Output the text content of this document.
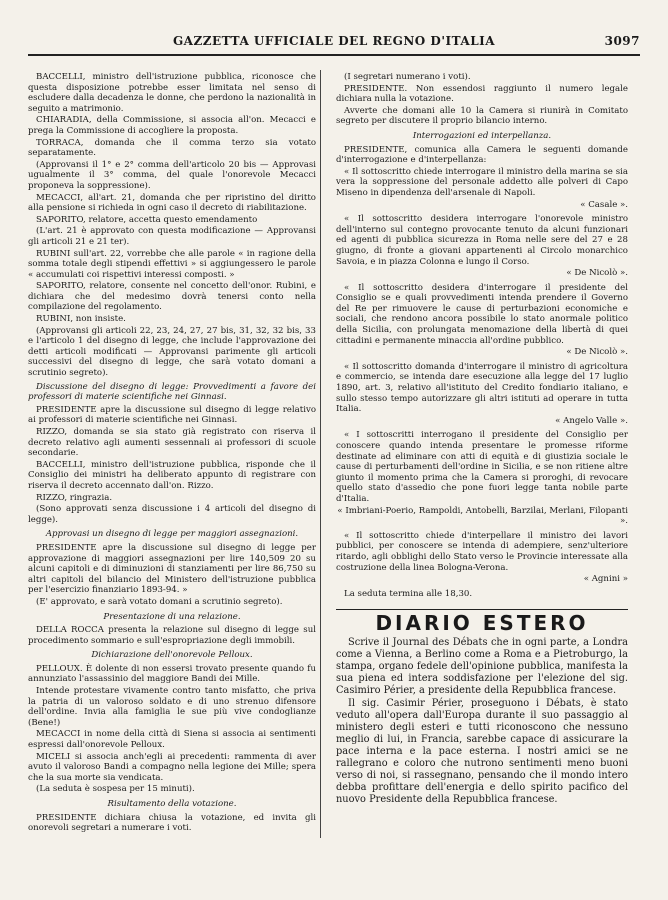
GAZZETTA UFFICIALE DEL REGNO D'ITALIA	3097

BACCELLI, ministro dell'istruzione pubblica, riconosce che questa disposizione potrebbe esser limitata nel senso di escludere dalla decadenza le donne, che perdono la nazionalità in seguito a matrimonio.

CHIARADIA, della Commissione, si associa all'on. Mecacci e prega la Commissione di accogliere la proposta.

TORRACA, domanda che il comma terzo sia votato separatamente.

(Approvansi il 1° e 2° comma dell'articolo 20 bis — Approvasi ugualmente il 3° comma, del quale l'onorevole Mecacci proponeva la soppressione).

MECACCI, all'art. 21, domanda che per ripristino del diritto alla pensione si richieda in ogni caso il decreto di riabilitazione.

SAPORITO, relatore, accetta questo emendamento

(L'art. 21 è approvato con questa modificazione — Approvansi gli articoli 21 e 21 ter).

RUBINI sull'art. 22, vorrebbe che alle parole « in ragione della somma totale degli stipendi effettivi » si aggiungessero le parole « accumulati coi rispettivi interessi composti. »

SAPORITO, relatore, consente nel concetto dell'onor. Rubini, e dichiara che del medesimo dovrà tenersi conto nella compilazione del regolamento.

RUBINI, non insiste.

(Approvansi gli articoli 22, 23, 24, 27, 27 bis, 31, 32, 32 bis, 33 e l'articolo 1 del disegno di legge, che include l'approvazione dei detti articoli modificati — Approvansi parimente gli articoli successivi del disegno di legge, che sarà votato domani a scrutinio segreto).

Discussione del disegno di legge: Provvedimenti a favore dei professori di materie scientifiche nei Ginnasi.

PRESIDENTE apre la discussione sul disegno di legge relativo ai professori di materie scientifiche nei Ginnasi.

RIZZO, domanda se sia stato già registrato con riserva il decreto relativo agli aumenti sessennali ai professori di scuole secondarie.

BACCELLI, ministro dell'istruzione pubblica, risponde che il Consiglio dei ministri ha deliberato appunto di registrare con riserva il decreto accennato dall'on. Rizzo.

RIZZO, ringrazia.

(Sono approvati senza discussione i 4 articoli del disegno di legge).

Approvasi un disegno di legge per maggiori assegnazioni.

PRESIDENTE apre la discussione sul disegno di legge per approvazione di maggiori assegnazioni per lire 140,509 20 su alcuni capitoli e di diminuzioni di stanziamenti per lire 86,750 su altri capitoli del bilancio del Ministero dell'istruzione pubblica per l'esercizio finanziario 1893-94. »

(E' approvato, e sarà votato domani a scrutinio segreto).

Presentazione di una relazione.

DELLA ROCCA presenta la relazione sul disegno di legge sul procedimento sommario e sull'espropriazione degli immobili.

Dichiarazione dell'onorevole Pelloux.

PELLOUX. È dolente di non essersi trovato presente quando fu annunziato l'assassinio del maggiore Bandi dei Mille.

Intende protestare vivamente contro tanto misfatto, che priva la patria di un valoroso soldato e di uno strenuo difensore dell'ordine. Invia alla famiglia le sue più vive condoglianze (Bene!)

MECACCI in nome della città di Siena si associa ai sentimenti espressi dall'onorevole Pelloux.

MICELI si associa anch'egli ai precedenti: rammenta di aver avuto il valoroso Bandi a compagno nella legione dei Mille; spera che la sua morte sia vendicata.

(La seduta è sospesa per 15 minuti).

Risultamento della votazione.

PRESIDENTE dichiara chiusa la votazione, ed invita gli onorevoli segretari a numerare i voti.

(I segretari numerano i voti).

PRESIDENTE. Non essendosi raggiunto il numero legale dichiara nulla la votazione.

Avverte che domani alle 10 la Camera si riunirà in Comitato segreto per discutere il proprio bilancio interno.

Interrogazioni ed interpellanza.

PRESIDENTE, comunica alla Camera le seguenti domande d'interrogazione e d'interpellanza:

« Il sottoscritto chiede interrogare il ministro della marina se sia vera la soppressione del personale addetto alle polveri di Capo Miseno in dipendenza dell'arsenale di Napoli.

« Casale ».

« Il sottoscritto desidera interrogare l'onorevole ministro dell'interno sul contegno provocante tenuto da alcuni funzionari ed agenti di pubblica sicurezza in Roma nelle sere del 27 e 28 giugno, di fronte a giovani appartenenti al Circolo monarchico Savoia, e in piazza Colonna e lungo il Corso.

« De Nicolò ».

« Il sottoscritto desidera d'interrogare il presidente del Consiglio se e quali provvedimenti intenda prendere il Governo del Re per rimuovere le cause di perturbazioni economiche e sociali, che rendono ancora possibile lo stato anormale politico della Sicilia, con prolungata menomazione della libertà di quei cittadini e permanente minaccia all'ordine pubblico.

« De Nicolò ».

« Il sottoscritto domanda d'interrogare il ministro di agricoltura e commercio, se intenda dare esecuzione alla legge del 17 luglio 1890, art. 3, relativo all'istituto del Credito fondiario italiano, e sullo stesso tempo autorizzare gli altri istituti ad operare in tutta Italia.

« Angelo Valle ».

« I sottoscritti interrogano il presidente del Consiglio per conoscere quando intenda presentare le promesse riforme destinate ad eliminare con atti di equità e di giustizia sociale le cause di perturbamenti dell'ordine in Sicilia, e se non ritiene altre giunto il momento prima che la Camera si proroghi, di revocare quello stato d'assedio che pone fuori legge tanta nobile parte d'Italia.

« Imbriani-Poerio, Rampoldi, Antobelli, Barzilai, Merlani, Filopanti ».

« Il sottoscritto chiede d'interpellare il ministro dei lavori pubblici, per conoscere se intenda di adempiere, senz'ulteriore ritardo, agli obblighi dello Stato verso le Provincie interessate alla costruzione della linea Bologna-Verona.

« Agnini »

La seduta termina alle 18,30.

DIARIO ESTERO

Scrive il Journal des Débats che in ogni parte, a Londra come a Vienna, a Berlino come a Roma e a Pietroburgo, la stampa, organo fedele dell'opinione pubblica, manifesta la sua piena ed intera soddisfazione per l'elezione del sig. Casimiro Périer, a presidente della Repubblica francese.

Il sig. Casimir Périer, proseguono i Débats, è stato veduto all'opera dall'Europa durante il suo passaggio al ministero degli esteri e tutti riconoscono che nessuno meglio di lui, in Francia, sarebbe capace di assicurare la pace interna e la pace esterna. I nostri amici se ne rallegrano e coloro che nutrono sentimenti meno buoni verso di noi, si rassegnano, pensando che il mondo intero debba profittare dell'energia e dello spirito pacifico del nuovo Presidente della Repubblica francese.
